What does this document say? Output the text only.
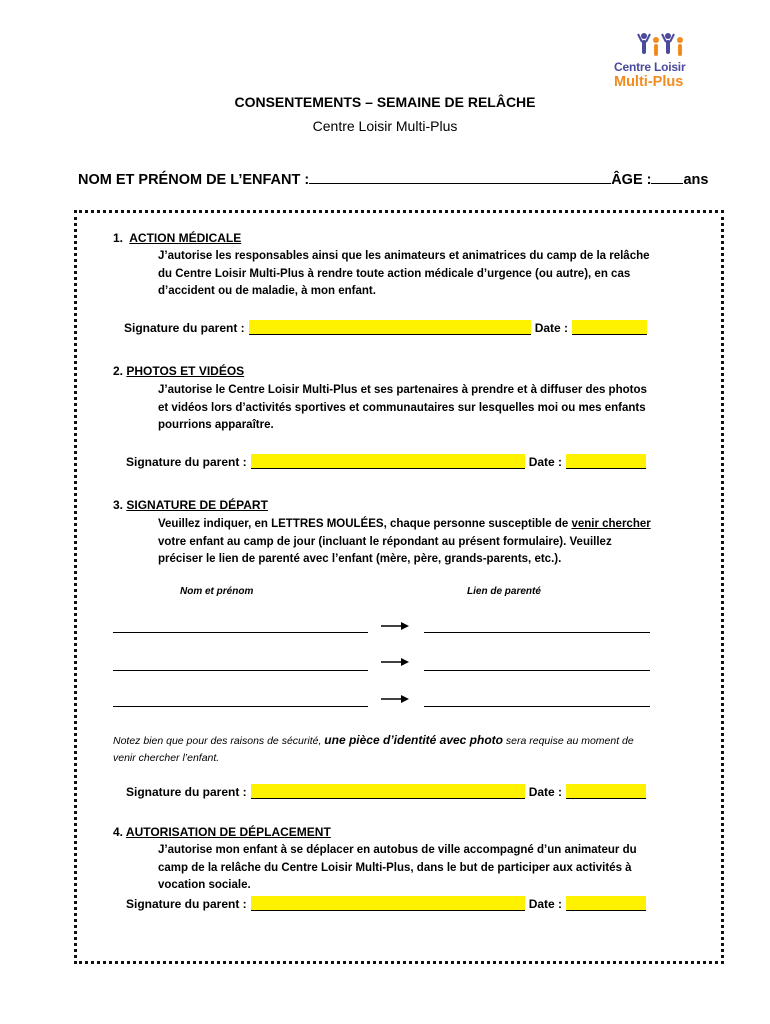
Centre Loisir
Multi-Plus
CONSENTEMENTS – SEMAINE DE RELÂCHE
Centre Loisir Multi-Plus
NOM ET PRÉNOM DE L’ENFANT :	ÂGE : ans
1. ACTION MÉDICALE
J’autorise les responsables ainsi que les animateurs et animatrices du camp de la relâche
du Centre Loisir Multi-Plus à rendre toute action médicale d’urgence (ou autre), en cas
d’accident ou de maladie, à mon enfant.
Signature du parent :	Date :
2. PHOTOS ET VIDÉOS
J’autorise le Centre Loisir Multi-Plus et ses partenaires à prendre et à diffuser des photos
et vidéos lors d’activités sportives et communautaires sur lesquelles moi ou mes enfants
pourrions apparaître.
Signature du parent :	Date :
3. SIGNATURE DE DÉPART
Veuillez indiquer, en LETTRES MOULÉES, chaque personne susceptible de venir chercher
votre enfant au camp de jour (incluant le répondant au présent formulaire). Veuillez
préciser le lien de parenté avec l’enfant (mère, père, grands-parents, etc.).
Nom et prénom	Lien de parenté
Notez bien que pour des raisons de sécurité, une pièce d’identité avec photo sera requise au moment de
venir chercher l’enfant.
Signature du parent :	Date :
4. AUTORISATION DE DÉPLACEMENT
J’autorise mon enfant à se déplacer en autobus de ville accompagné d’un animateur du
camp de la relâche du Centre Loisir Multi-Plus, dans le but de participer aux activités à
vocation sociale.
Signature du parent :	Date :
